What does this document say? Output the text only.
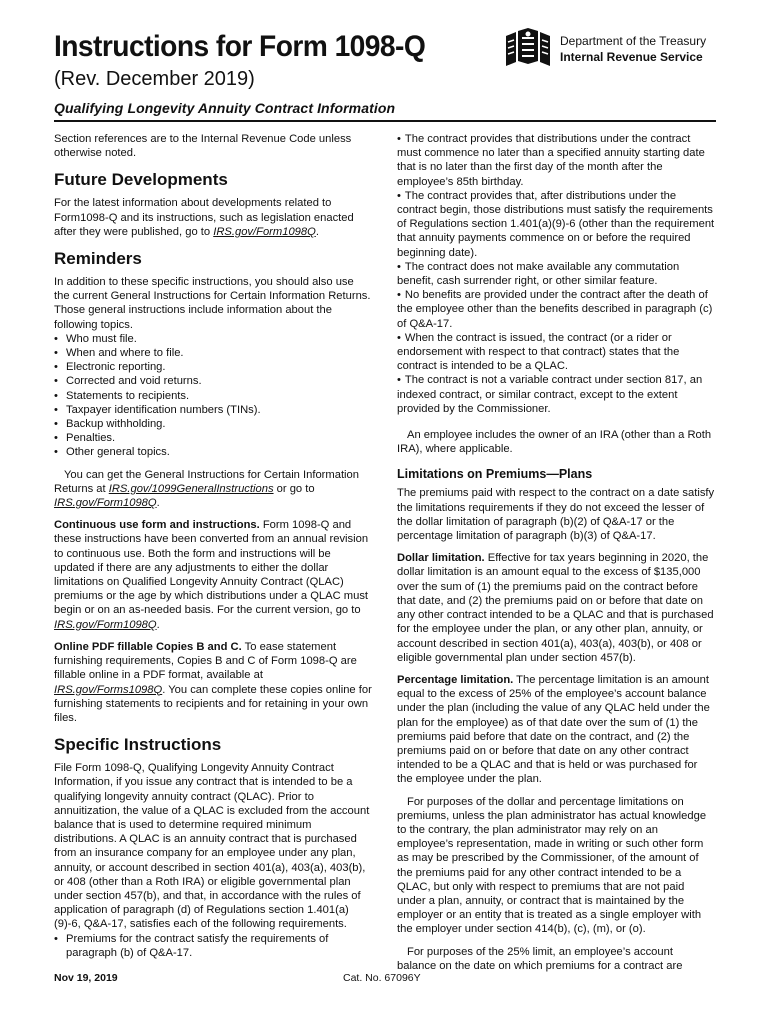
Instructions for Form 1098-Q
(Rev. December 2019)
Qualifying Longevity Annuity Contract Information
Department of the Treasury
Internal Revenue Service

Section references are to the Internal Revenue Code unless otherwise noted.

Future Developments

For the latest information about developments related to Form1098-Q and its instructions, such as legislation enacted after they were published, go to IRS.gov/Form1098Q.

Reminders

In addition to these specific instructions, you should also use the current General Instructions for Certain Information Returns. Those general instructions include information about the following topics.

• Who must file.
• When and where to file.
• Electronic reporting.
• Corrected and void returns.
• Statements to recipients.
• Taxpayer identification numbers (TINs).
• Backup withholding.
• Penalties.
• Other general topics.

You can get the General Instructions for Certain Information Returns at IRS.gov/1099GeneralInstructions or go to IRS.gov/Form1098Q.

Continuous use form and instructions. Form 1098-Q and these instructions have been converted from an annual revision to continuous use. Both the form and instructions will be updated if there are any adjustments to either the dollar limitations on Qualified Longevity Annuity Contract (QLAC) premiums or the age by which distributions under a QLAC must begin or on an as-needed basis. For the current version, go to IRS.gov/Form1098Q.

Online PDF fillable Copies B and C. To ease statement furnishing requirements, Copies B and C of Form 1098-Q are fillable online in a PDF format, available at IRS.gov/Forms1098Q. You can complete these copies online for furnishing statements to recipients and for retaining in your own files.

Specific Instructions

File Form 1098-Q, Qualifying Longevity Annuity Contract Information, if you issue any contract that is intended to be a qualifying longevity annuity contract (QLAC). Prior to annuitization, the value of a QLAC is excluded from the account balance that is used to determine required minimum distributions. A QLAC is an annuity contract that is purchased from an insurance company for an employee under any plan, annuity, or account described in section 401(a), 403(a), 403(b), or 408 (other than a Roth IRA) or eligible governmental plan under section 457(b), and that, in accordance with the rules of application of paragraph (d) of Regulations section 1.401(a)(9)-6, Q&A-17, satisfies each of the following requirements.

• Premiums for the contract satisfy the requirements of paragraph (b) of Q&A-17.
• The contract provides that distributions under the contract must commence no later than a specified annuity starting date that is no later than the first day of the month after the employee’s 85th birthday.
• The contract provides that, after distributions under the contract begin, those distributions must satisfy the requirements of Regulations section 1.401(a)(9)-6 (other than the requirement that annuity payments commence on or before the required beginning date).
• The contract does not make available any commutation benefit, cash surrender right, or other similar feature.
• No benefits are provided under the contract after the death of the employee other than the benefits described in paragraph (c) of Q&A-17.
• When the contract is issued, the contract (or a rider or endorsement with respect to that contract) states that the contract is intended to be a QLAC.
• The contract is not a variable contract under section 817, an indexed contract, or similar contract, except to the extent provided by the Commissioner.

An employee includes the owner of an IRA (other than a Roth IRA), where applicable.

Limitations on Premiums—Plans

The premiums paid with respect to the contract on a date satisfy the limitations requirements if they do not exceed the lesser of the dollar limitation of paragraph (b)(2) of Q&A-17 or the percentage limitation of paragraph (b)(3) of Q&A-17.

Dollar limitation. Effective for tax years beginning in 2020, the dollar limitation is an amount equal to the excess of $135,000 over the sum of (1) the premiums paid on the contract before that date, and (2) the premiums paid on or before that date on any other contract intended to be a QLAC and that is purchased for the employee under the plan, or any other plan, annuity, or account described in section 401(a), 403(a), 403(b), or 408 or eligible governmental plan under section 457(b).

Percentage limitation. The percentage limitation is an amount equal to the excess of 25% of the employee’s account balance under the plan (including the value of any QLAC held under the plan for the employee) as of that date over the sum of (1) the premiums paid before that date on the contract, and (2) the premiums paid on or before that date on any other contract intended to be a QLAC and that is held or was purchased for the employee under the plan.

For purposes of the dollar and percentage limitations on premiums, unless the plan administrator has actual knowledge to the contrary, the plan administrator may rely on an employee’s representation, made in writing or such other form as may be prescribed by the Commissioner, of the amount of the premiums paid for any other contract intended to be a QLAC, but only with respect to premiums that are not paid under a plan, annuity, or contract that is maintained by the employer or an entity that is treated as a single employer with the employer under section 414(b), (c), (m), or (o).

For purposes of the 25% limit, an employee’s account balance on the date on which premiums for a contract are

Nov 19, 2019	Cat. No. 67096Y
